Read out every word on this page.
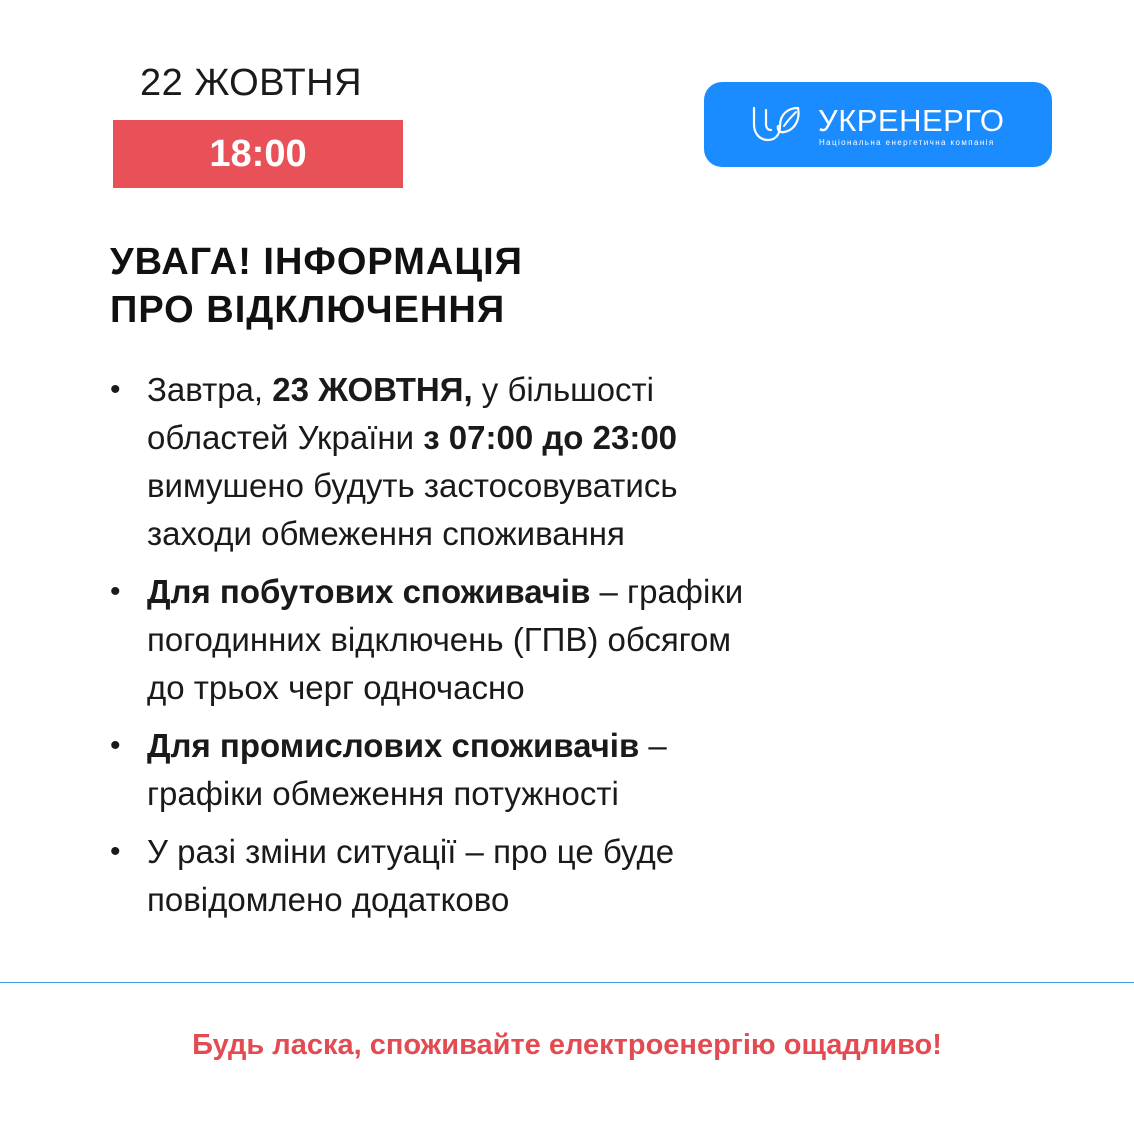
22 ЖОВТНЯ
18:00
УКРЕНЕРГО
Національна енергетична компанія
УВАГА! ІНФОРМАЦІЯ
ПРО ВІДКЛЮЧЕННЯ
• Завтра, 23 ЖОВТНЯ, у більшості
областей України з 07:00 до 23:00
вимушено будуть застосовуватись
заходи обмеження споживання
• Для побутових споживачів – графіки
погодинних відключень (ГПВ) обсягом
до трьох черг одночасно
• Для промислових споживачів –
графіки обмеження потужності
• У разі зміни ситуації – про це буде
повідомлено додатково
Будь ласка, споживайте електроенергію ощадливо!
